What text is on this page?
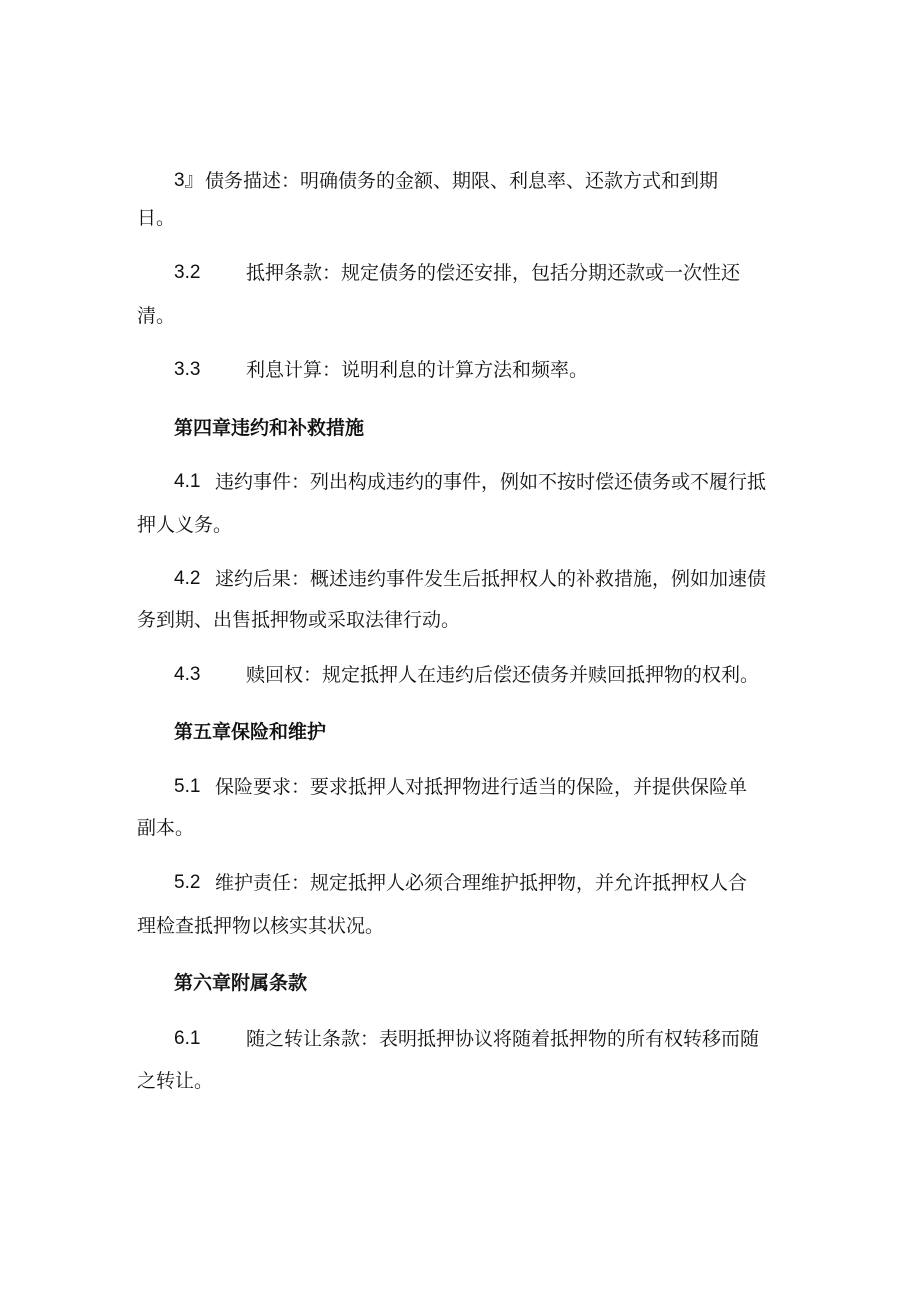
3』 债务描述：明确债务的金额、期限、利息率、还款方式和到期
日。
3.2 抵押条款：规定债务的偿还安排，包括分期还款或一次性还
清。
3.3 利息计算：说明利息的计算方法和频率。
第四章违约和补救措施
4.1 违约事件：列出构成违约的事件，例如不按时偿还债务或不履行抵
押人义务。
4.2 逑约后果：概述违约事件发生后抵押权人的补救措施，例如加速债
务到期、出售抵押物或采取法律行动。
4.3 赎回权：规定抵押人在违约后偿还债务并赎回抵押物的权利。
第五章保险和维护
5.1 保险要求：要求抵押人对抵押物进行适当的保险，并提供保险单
副本。
5.2 维护责任：规定抵押人必须合理维护抵押物，并允许抵押权人合
理检查抵押物以核实其状况。
第六章附属条款
6.1 随之转让条款：表明抵押协议将随着抵押物的所有权转移而随
之转让。
